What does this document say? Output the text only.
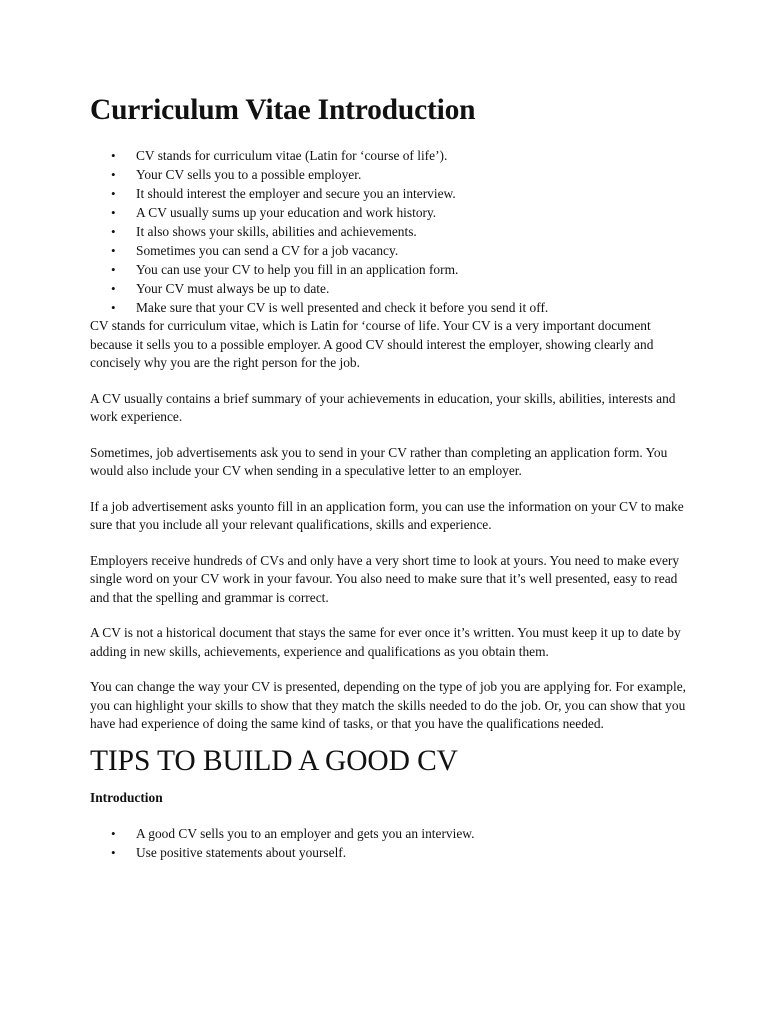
Curriculum Vitae Introduction
• CV stands for curriculum vitae (Latin for ‘course of life’).
• Your CV sells you to a possible employer.
• It should interest the employer and secure you an interview.
• A CV usually sums up your education and work history.
• It also shows your skills, abilities and achievements.
• Sometimes you can send a CV for a job vacancy.
• You can use your CV to help you fill in an application form.
• Your CV must always be up to date.
• Make sure that your CV is well presented and check it before you send it off.

CV stands for curriculum vitae, which is Latin for ‘course of life. Your CV is a very important document because it sells you to a possible employer. A good CV should interest the employer, showing clearly and concisely why you are the right person for the job.

A CV usually contains a brief summary of your achievements in education, your skills, abilities, interests and work experience.

Sometimes, job advertisements ask you to send in your CV rather than completing an application form. You would also include your CV when sending in a speculative letter to an employer.

If a job advertisement asks younto fill in an application form, you can use the information on your CV to make sure that you include all your relevant qualifications, skills and experience.

Employers receive hundreds of CVs and only have a very short time to look at yours. You need to make every single word on your CV work in your favour. You also need to make sure that it’s well presented, easy to read and that the spelling and grammar is correct.

A CV is not a historical document that stays the same for ever once it’s written. You must keep it up to date by adding in new skills, achievements, experience and qualifications as you obtain them.

You can change the way your CV is presented, depending on the type of job you are applying for. For example, you can highlight your skills to show that they match the skills needed to do the job. Or, you can show that you have had experience of doing the same kind of tasks, or that you have the qualifications needed.

TIPS TO BUILD A GOOD CV
Introduction
• A good CV sells you to an employer and gets you an interview.
• Use positive statements about yourself.
